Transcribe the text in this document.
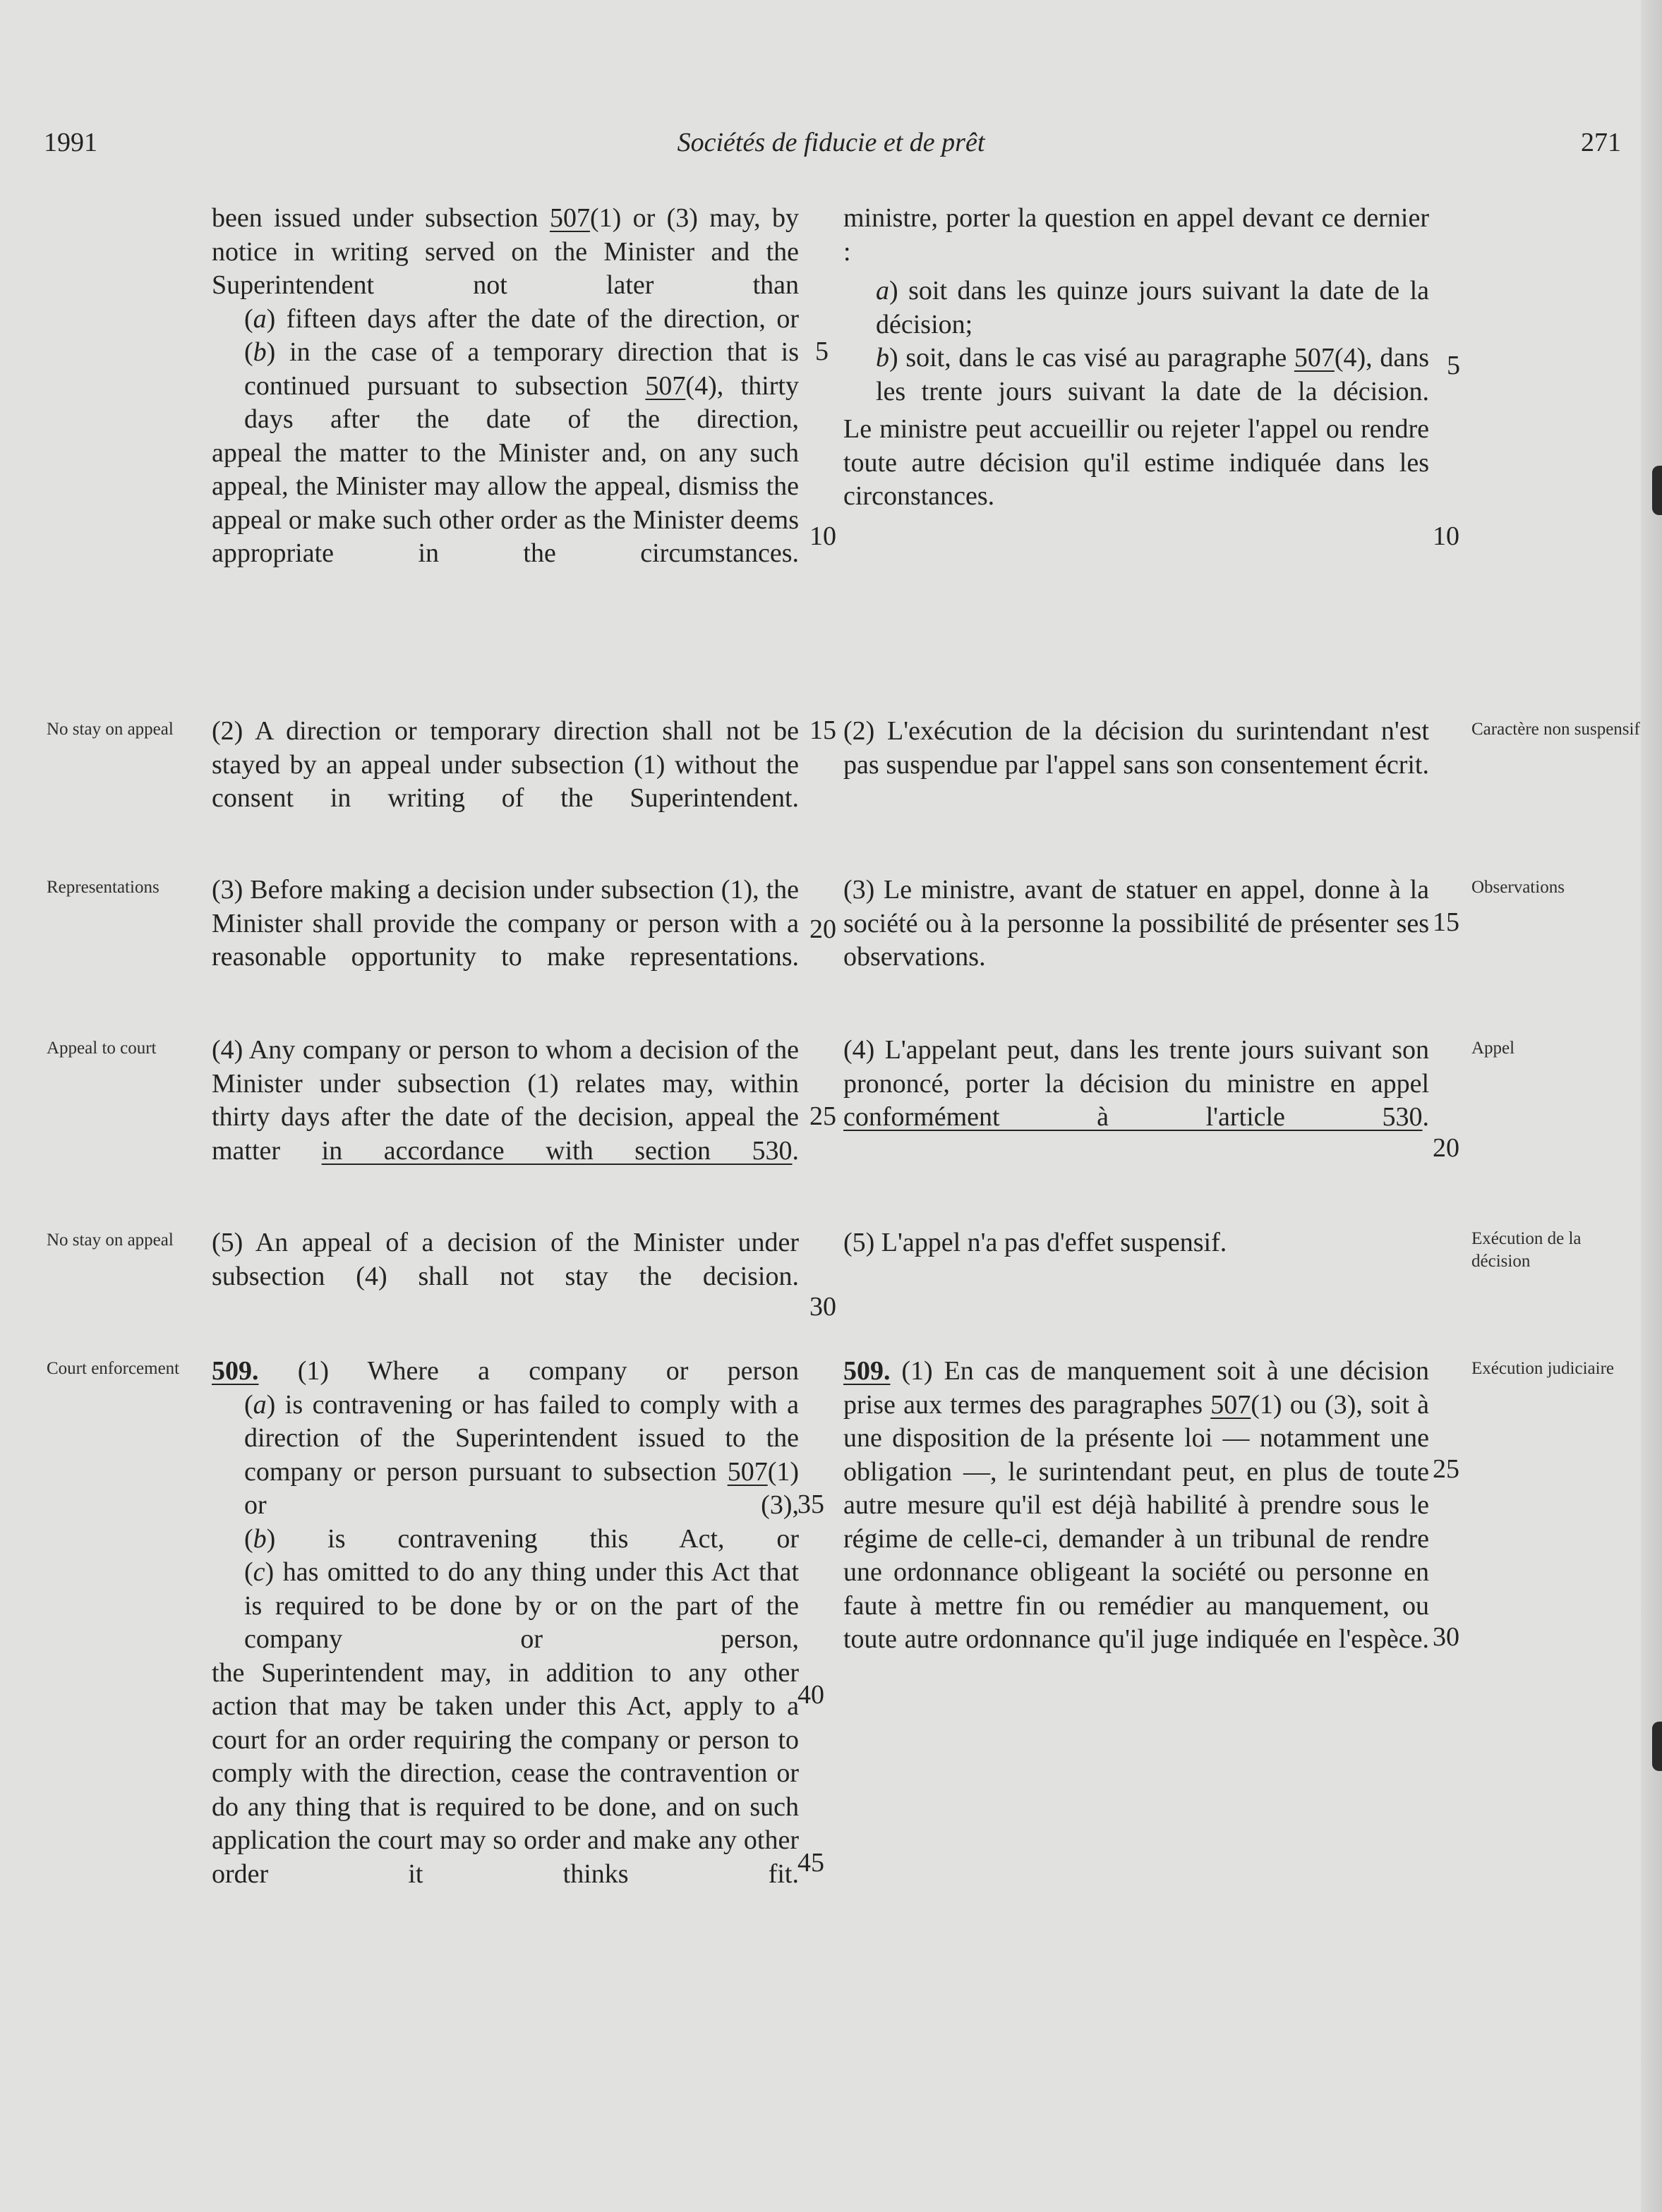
Sociétés de fiducie et de prêt
1991	271

been issued under subsection 507(1) or (3) may, by notice in writing served on the Minister and the Superintendent not later than

(a) fifteen days after the date of the direction, or

(b) in the case of a temporary direction that is continued pursuant to subsection 507(4), thirty days after the date of the direction,

appeal the matter to the Minister and, on any such appeal, the Minister may allow the appeal, dismiss the appeal or make such other order as the Minister deems appropriate in the circumstances.

(2) A direction or temporary direction shall not be stayed by an appeal under subsection (1) without the consent in writing of the Superintendent.

(3) Before making a decision under subsection (1), the Minister shall provide the company or person with a reasonable opportunity to make representations.

(4) Any company or person to whom a decision of the Minister under subsection (1) relates may, within thirty days after the date of the decision, appeal the matter in accordance with section 530.

(5) An appeal of a decision of the Minister under subsection (4) shall not stay the decision.

509. (1) Where a company or person

(a) is contravening or has failed to comply with a direction of the Superintendent issued to the company or person pursuant to subsection 507(1) or (3),

(b) is contravening this Act, or

(c) has omitted to do any thing under this Act that is required to be done by or on the part of the company or person,

the Superintendent may, in addition to any other action that may be taken under this Act, apply to a court for an order requiring the company or person to comply with the direction, cease the contravention or do any thing that is required to be done, and on such application the court may so order and make any other order it thinks fit.

ministre, porter la question en appel devant ce dernier :

a) soit dans les quinze jours suivant la date de la décision;

b) soit, dans le cas visé au paragraphe 507(4), dans les trente jours suivant la date de la décision.

Le ministre peut accueillir ou rejeter l'appel ou rendre toute autre décision qu'il estime indiquée dans les circonstances.

(2) L'exécution de la décision du surintendant n'est pas suspendue par l'appel sans son consentement écrit.

(3) Le ministre, avant de statuer en appel, donne à la société ou à la personne la possibilité de présenter ses observations.

(4) L'appelant peut, dans les trente jours suivant son prononcé, porter la décision du ministre en appel conformément à l'article 530.

(5) L'appel n'a pas d'effet suspensif.

509. (1) En cas de manquement soit à une décision prise aux termes des paragraphes 507(1) ou (3), soit à une disposition de la présente loi — notamment une obligation —, le surintendant peut, en plus de toute autre mesure qu'il est déjà habilité à prendre sous le régime de celle-ci, demander à un tribunal de rendre une ordonnance obligeant la société ou personne en faute à mettre fin ou remédier au manquement, ou toute autre ordonnance qu'il juge indiquée en l'espèce.

5
10
15
20
25
30
35
40
45
5
10
15
20
25
30
No stay on appeal
Representations
Appeal to court
No stay on appeal
Court enforcement
Caractère non suspensif
Observations
Appel
Exécution de la décision
Exécution judiciaire
